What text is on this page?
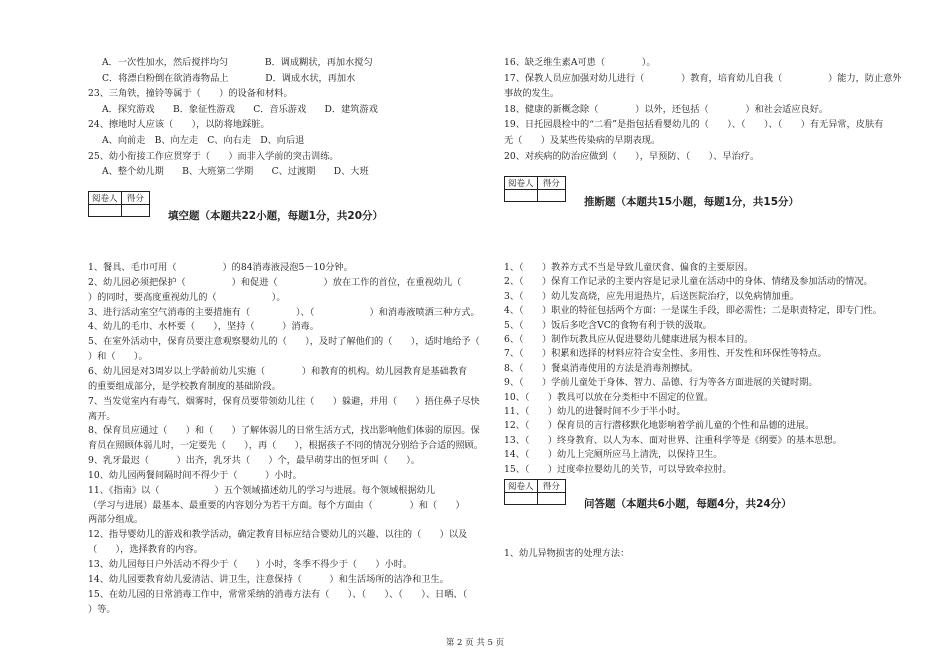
A．一次性加水，然后搅拌均匀　　　　B．调成糊状，再加水搅匀
C．将漂白粉倒在欲消毒物品上　　　　D．调成水状，再加水
23、三角铁，撞铃等属于（　　）的设备和材料。
A．探究游戏　　B．象征性游戏　　C．音乐游戏　　D．建筑游戏
24、擦地时人应该（　　），以防将地踩脏。
A、向前走　B、向左走　C、向右走　D、向后退
25、幼小衔接工作应贯穿于（　　）而非入学前的突击训练。
A、整个幼儿期　　B、大班第二学期　　C、过渡期　　D、大班
阅卷人	得分

填空题（本题共22小题，每题1分，共20分）
1、餐具、毛巾可用（　　　　　）的84消毒液浸泡5－10分钟。
2、幼儿园必须把保护（　　　　　）和促进（　　　　　）放在工作的首位，在重视幼儿（
）的同时，要高度重视幼儿的（　　　　　　）。
3、进行活动室空气消毒的主要措施有（　　　　　）、（　　　　　　）和消毒液喷洒三种方式。
4、幼儿的毛巾、水杯要（　　），坚持（　　　）消毒。
5、在室外活动中，保育员要注意观察婴幼儿的（　　），及时了解他们的（　　），适时地给予（
）和（　　）。
6、幼儿园是对3周岁以上学龄前幼儿实施（　　　　）和教育的机构。幼儿园教育是基础教育
的重要组成部分，是学校教育制度的基础阶段。
7、当发觉室内有毒气、烟雾时，保育员要带领幼儿往（　　）躲避，并用（　　）捂住鼻子尽快
离开。
8、保育员应通过（　　）和（　　）了解体弱儿的日常生活方式，找出影响他们体弱的原因。保
育员在照顾体弱儿时，一定要先（　　），再（　　），根据孩子不同的情况分别给予合适的照顾。
9、乳牙最迟（　　　）出齐，乳牙共（　　）个，最早萌芽出的恒牙叫（　　）。
10、幼儿园两餐间隔时间不得少于（　　　）小时。
11、《指南》以（　　　　　　）五个领域描述幼儿的学习与进展。每个领域根据幼儿
（学习与进展）最基本、最重要的内容划分为若干方面。每个方面由（　　　　）和（　　）
两部分组成。
12、指导婴幼儿的游戏和教学活动，确定教育目标应结合婴幼儿的兴趣、以往的（　　）以及
（　　），选择教育的内容。
13、幼儿园每日户外活动不得少于（　　）小时，冬季不得少于（　　）小时。
14、幼儿园要教育幼儿爱清洁、讲卫生，注意保持（　　　）和生活场所的洁净和卫生。
15、在幼儿园的日常消毒工作中，常常采纳的消毒方法有（　　）、（　　）、（　　）、日晒、（
）等。
16、缺乏维生素A可患（　　　　）。
17、保教人员应加强对幼儿进行（　　　　）教育，培育幼儿自我（　　　　　）能力，防止意外
事故的发生。
18、健康的新概念除（　　　　）以外，还包括（　　　　）和社会适应良好。
19、日托园晨检中的“二看”是指包括看婴幼儿的（　　）、（　　）、（　　）有无异常，皮肤有
无（　　）及某些传染病的早期表现。
20、对疾病的防治应做到（　　），早预防、（　　）、早治疗。
阅卷人	得分

推断题（本题共15小题，每题1分，共15分）
1、（　　）教养方式不当是导致儿童厌食、偏食的主要原因。
2、（　　）保育工作记录的主要内容是记录儿童在活动中的身体、情绪及参加活动的情况。
3、（　　）幼儿发高烧，应先用退热片，后送医院治疗，以免病情加重。
4、（　　）职业的特征包括两个方面：一是谋生手段，即必需性；二是职责特定，即专门性。
5、（　　）饭后多吃含VC的食物有利于铁的汲取。
6、（　　）制作玩教具应从促进婴幼儿健康进展为根本目的。
7、（　　）积累和选择的材料应符合安全性、多用性、开发性和环保性等特点。
8、（　　）餐桌消毒使用的方法是消毒剂擦拭。
9、（　　）学前儿童处于身体、智力、品德、行为等各方面进展的关键时期。
10、（　　）教具可以放在分类柜中不固定的位置。
11、（　　）幼儿的进餐时间不少于半小时。
12、（　　）保育员的言行潜移默化地影响着学前儿童的个性和品德的进展。
13、（　　）终身教育、以人为本、面对世界、注重科学等是《纲要》的基本思想。
14、（　　）幼儿上完厕所应马上清洗，以保持卫生。
15、（　　）过度牵拉婴幼儿的关节，可以导致牵拉肘。
阅卷人	得分

问答题（本题共6小题，每题4分，共24分）
1、幼儿异物损害的处理方法：
第 2 页 共 5 页
